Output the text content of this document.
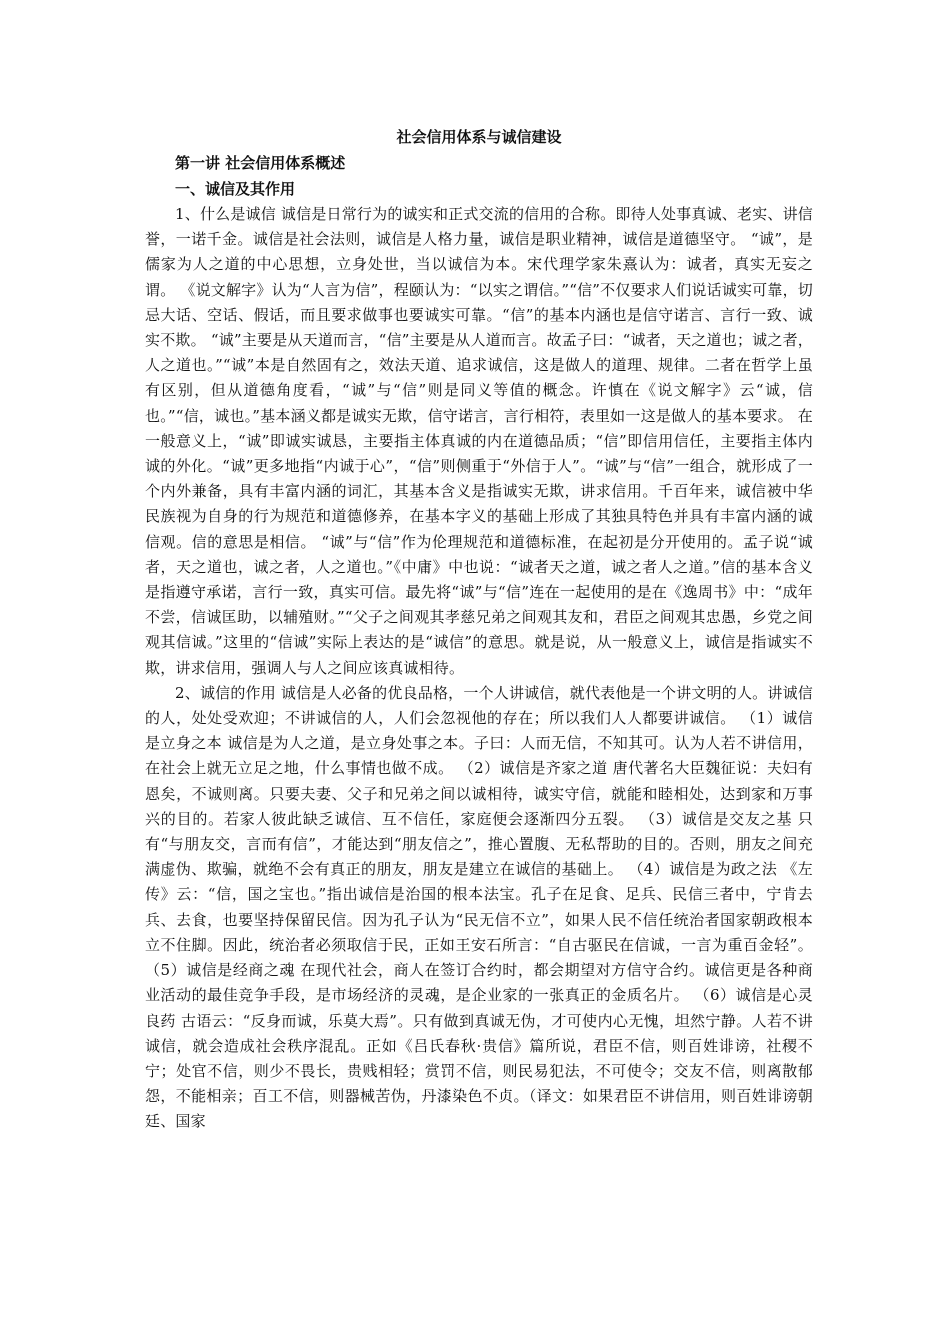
社会信用体系与诚信建设
第一讲 社会信用体系概述
一、诚信及其作用

1、什么是诚信 诚信是日常行为的诚实和正式交流的信用的合称。即待人处事真诚、老实、讲信誉，一诺千金。诚信是社会法则，诚信是人格力量，诚信是职业精神，诚信是道德坚守。 “诚”，是儒家为人之道的中心思想，立身处世，当以诚信为本。宋代理学家朱熹认为：诚者，真实无妄之谓。 《说文解字》认为“人言为信”，程颐认为：“以实之谓信。”“信”不仅要求人们说话诚实可靠，切忌大话、空话、假话，而且要求做事也要诚实可靠。“信”的基本内涵也是信守诺言、言行一致、诚实不欺。 “诚”主要是从天道而言，“信”主要是从人道而言。故孟子曰：“诚者，天之道也；诚之者，人之道也。”“诚”本是自然固有之，效法天道、追求诚信，这是做人的道理、规律。二者在哲学上虽有区别，但从道德角度看，“诚”与“信”则是同义等值的概念。许慎在《说文解字》云“诚，信也。”“信，诚也。”基本涵义都是诚实无欺，信守诺言，言行相符，表里如一这是做人的基本要求。 在一般意义上，“诚”即诚实诚恳，主要指主体真诚的内在道德品质；“信”即信用信任，主要指主体内诚的外化。“诚”更多地指“内诚于心”，“信”则侧重于“外信于人”。“诚”与“信”一组合，就形成了一个内外兼备，具有丰富内涵的词汇，其基本含义是指诚实无欺，讲求信用。千百年来，诚信被中华民族视为自身的行为规范和道德修养，在基本字义的基础上形成了其独具特色并具有丰富内涵的诚信观。信的意思是相信。 “诚”与“信”作为伦理规范和道德标准，在起初是分开使用的。孟子说“诚者，天之道也，诚之者，人之道也。”《中庸》中也说：“诚者天之道，诚之者人之道。”信的基本含义是指遵守承诺，言行一致，真实可信。最先将“诚”与“信”连在一起使用的是在《逸周书》中：“成年不尝，信诚匡助，以辅殖财。”“父子之间观其孝慈兄弟之间观其友和，君臣之间观其忠愚，乡党之间观其信诚。”这里的“信诚”实际上表达的是“诚信”的意思。就是说，从一般意义上，诚信是指诚实不欺，讲求信用，强调人与人之间应该真诚相待。

2、诚信的作用 诚信是人必备的优良品格，一个人讲诚信，就代表他是一个讲文明的人。讲诚信的人，处处受欢迎；不讲诚信的人，人们会忽视他的存在；所以我们人人都要讲诚信。 （1）诚信是立身之本 诚信是为人之道，是立身处事之本。子曰：人而无信，不知其可。认为人若不讲信用，在社会上就无立足之地，什么事情也做不成。 （2）诚信是齐家之道 唐代著名大臣魏征说：夫妇有恩矣，不诚则离。只要夫妻、父子和兄弟之间以诚相待，诚实守信，就能和睦相处，达到家和万事兴的目的。若家人彼此缺乏诚信、互不信任，家庭便会逐渐四分五裂。 （3）诚信是交友之基 只有“与朋友交，言而有信”，才能达到“朋友信之”，推心置腹、无私帮助的目的。否则，朋友之间充满虚伪、欺骗，就绝不会有真正的朋友，朋友是建立在诚信的基础上。 （4）诚信是为政之法 《左传》云：“信，国之宝也。”指出诚信是治国的根本法宝。孔子在足食、足兵、民信三者中，宁肯去兵、去食，也要坚持保留民信。因为孔子认为“民无信不立”，如果人民不信任统治者国家朝政根本立不住脚。因此，统治者必须取信于民，正如王安石所言：“自古驱民在信诚，一言为重百金轻”。 （5）诚信是经商之魂 在现代社会，商人在签订合约时，都会期望对方信守合约。诚信更是各种商业活动的最佳竞争手段，是市场经济的灵魂，是企业家的一张真正的金质名片。 （6）诚信是心灵良药 古语云：“反身而诚，乐莫大焉”。只有做到真诚无伪，才可使内心无愧，坦然宁静。人若不讲诚信，就会造成社会秩序混乱。正如《吕氏春秋·贵信》篇所说，君臣不信，则百姓诽谤，社稷不宁；处官不信，则少不畏长，贵贱相轻；赏罚不信，则民易犯法，不可使令；交友不信，则离散郁怨，不能相亲；百工不信，则器械苦伪，丹漆染色不贞。（译文：如果君臣不讲信用，则百姓诽谤朝廷、国家
